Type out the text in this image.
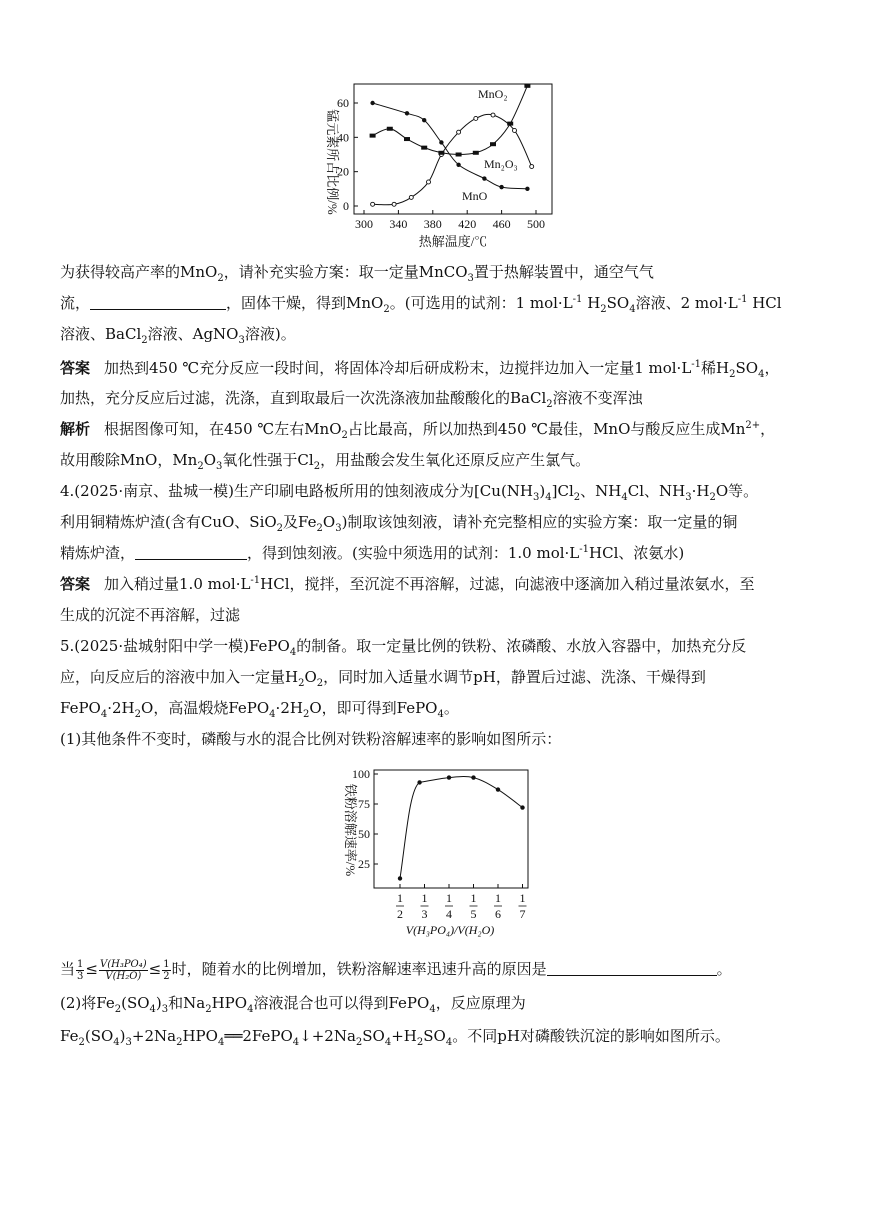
300 340 380 420 460 500
0
20
40
60
锰元素所占比例/%
热解温度/℃
MnO₂
Mn₂O₃
MnO
25
50
75
100
1
2
1
3
1
4
1
5
1
6
1
7
铁粉溶解速率/%
V(H₃PO₄)/V(H₂O)
为获得较高产率的MnO$_2$，请补充实验方案：取一定量MnCO$_3$置于热解装置中，通空气气
流，	，固体干燥，得到MnO$_2$。(可选用的试剂：1 $mol\cdot L^{-1}$ $H_2SO_4$溶液、2 $mol\cdot L^{-1}$ HCl
溶液、BaCl$_2$溶液、AgNO$_3$溶液)。
答案 加热到450 ℃充分反应一段时间，将固体冷却后研成粉末，边搅拌边加入一定量1 $mol\cdot L^{-1}$稀$H_2SO_4$，
加热，充分反应后过滤，洗涤，直到取最后一次洗涤液加盐酸酸化的BaCl$_2$溶液不变浑浊
解析 根据图像可知，在450 ℃左右MnO$_2$占比最高，所以加热到450 ℃最佳，MnO与酸反应生成$Mn^{2+}$，
故用酸除MnO，$Mn_2O_3$氧化性强于$Cl_2$，用盐酸会发生氧化还原反应产生氯气。
4.(2025·南京、盐城一模)生产印刷电路板所用的蚀刻液成分为$[Cu(NH_3)_4]Cl_2$、$NH_4Cl$、$NH_3\cdot H_2O$等。
利用铜精炼炉渣(含有CuO、SiO$_2$及$Fe_2O_3$)制取该蚀刻液，请补充完整相应的实验方案：取一定量的铜
精炼炉渣，	，得到蚀刻液。(实验中须选用的试剂：1.0 $mol\cdot L^{-1}HCl$、浓氨水)
答案 加入稍过量1.0 $mol\cdot L^{-1}HCl$，搅拌，至沉淀不再溶解，过滤，向滤液中逐滴加入稍过量浓氨水，至
生成的沉淀不再溶解，过滤
5.(2025·盐城射阳中学一模)FePO$_4$的制备。取一定量比例的铁粉、浓磷酸、水放入容器中，加热充分反
应，向反应后的溶液中加入一定量$H_2O_2$，同时加入适量水调节pH，静置后过滤、洗涤、干燥得到
$FePO_4\cdot 2H_2O$，高温煅烧$FePO_4\cdot 2H_2O$，即可得到FePO$_4$。
(1)其他条件不变时，磷酸与水的混合比例对铁粉溶解速率的影响如图所示：
当 $\frac{1}{3} \le \frac{\text{V(H₃PO₄)}}{\text{V(H₂O)}} \le \frac{1}{2}$ 时，随着水的比例增加，铁粉溶解速率迅速升高的原因是	。
(2)将$Fe_2(SO_4)_3$和$Na_2HPO_4$溶液混合也可以得到FePO$_4$，反应原理为
$Fe_2(SO_4)_3+2Na_2HPO_4══2FePO_4↓+2Na_2SO_4+H_2SO_4$。不同pH对磷酸铁沉淀的影响如图所示。
